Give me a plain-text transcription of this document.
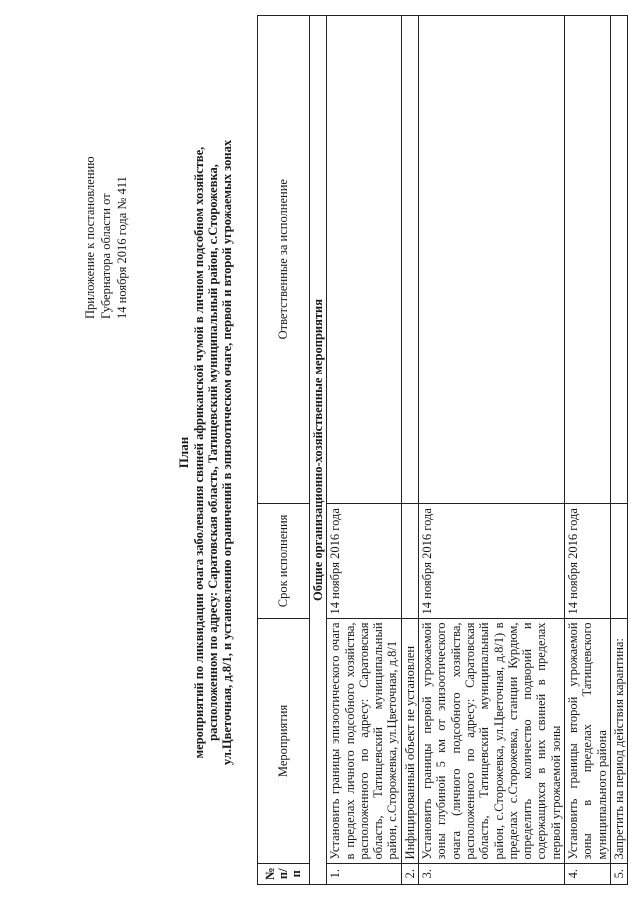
Приложение к постановлению Губернатора области от 14 ноября 2016 года № 411
План мероприятий по ликвидации очага заболевания свиней африканской чумой в личном подсобном хозяйстве, расположенном по адресу: Саратовская область, Татищевский муниципальный район, с.Сторожевка, ул.Цветочная, д.8/1, и установлению ограничений в эпизоотическом очаге, первой и второй угрожаемых зонах
№ п/п	Мероприятия	Срок исполнения	Ответственные за исполнение
Общие организационно-хозяйственные мероприятия			
1.	Установить границы эпизоотического очага в пределах личного подсобного хозяйства, расположенного по адресу: Саратовская область, Татищевский муниципальный район, с.Сторожевка, ул.Цветочная, д.8/1	14 ноября 2016 года	
2.	Инфицированный объект не установлен		
3.	Установить границы первой угрожаемой зоны глубиной 5 км от эпизоотического очага (личного подсобного хозяйства, расположенного по адресу: Саратовская область, Татищевский муниципальный район, с.Сторожевка, ул.Цветочная, д.8/1) в пределах с.Сторожевка, станции Курдюм, определить количество подворий и содержащихся в них свиней в пределах первой угрожаемой зоны	14 ноября 2016 года	
4.	Установить границы второй угрожаемой зоны в пределах Татищевского муниципального района	14 ноября 2016 года	
5.	Запретить на период действия карантина:		
